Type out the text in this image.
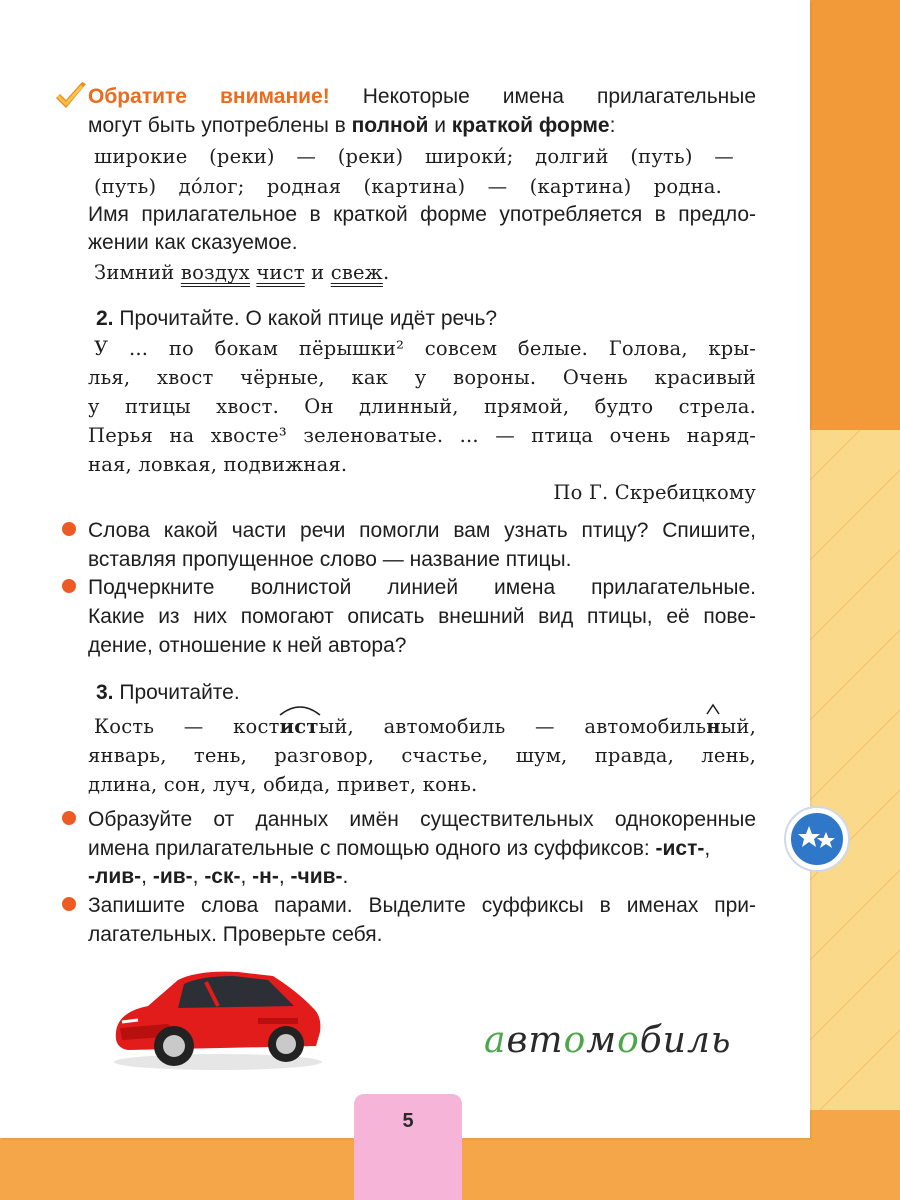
Обратите внимание! Некоторые имена прилагательные
могут быть употреблены в полной и краткой форме:
широкие (реки) — (реки) широки́; долгий (путь) —
(путь) до́лог; родная (картина) — (картина) родна.
Имя прилагательное в краткой форме употребляется в предло-
жении как сказуемое.
Зимний воздух чист и свеж.
2. Прочитайте. О какой птице идёт речь?
У ... по бокам пёрышки² совсем белые. Голова, кры-
лья, хвост чёрные, как у вороны. Очень красивый
у птицы хвост. Он длинный, прямой, будто стрела.
Перья на хвосте³ зеленоватые. ... — птица очень наряд-
ная, ловкая, подвижная.
По Г. Скребицкому
Слова какой части речи помогли вам узнать птицу? Спишите,
вставляя пропущенное слово — название птицы.
Подчеркните волнистой линией имена прилагательные.
Какие из них помогают описать внешний вид птицы, её пове-
дение, отношение к ней автора?
3. Прочитайте.
Кость — кост
истый, автомобиль — автомобиль
ный,
январь, тень, разговор, счастье, шум, правда, лень,
длина, сон, луч, обида, привет, конь.
Образуйте от данных имён существительных однокоренные
имена прилагательные с помощью одного из суффиксов: -ист-,
-лив-, -ив-, -ск-, -н-, -чив-.
Запишите слова парами. Выделите суффиксы в именах при-
лагательных. Проверьте себя.
автомобиль
5
